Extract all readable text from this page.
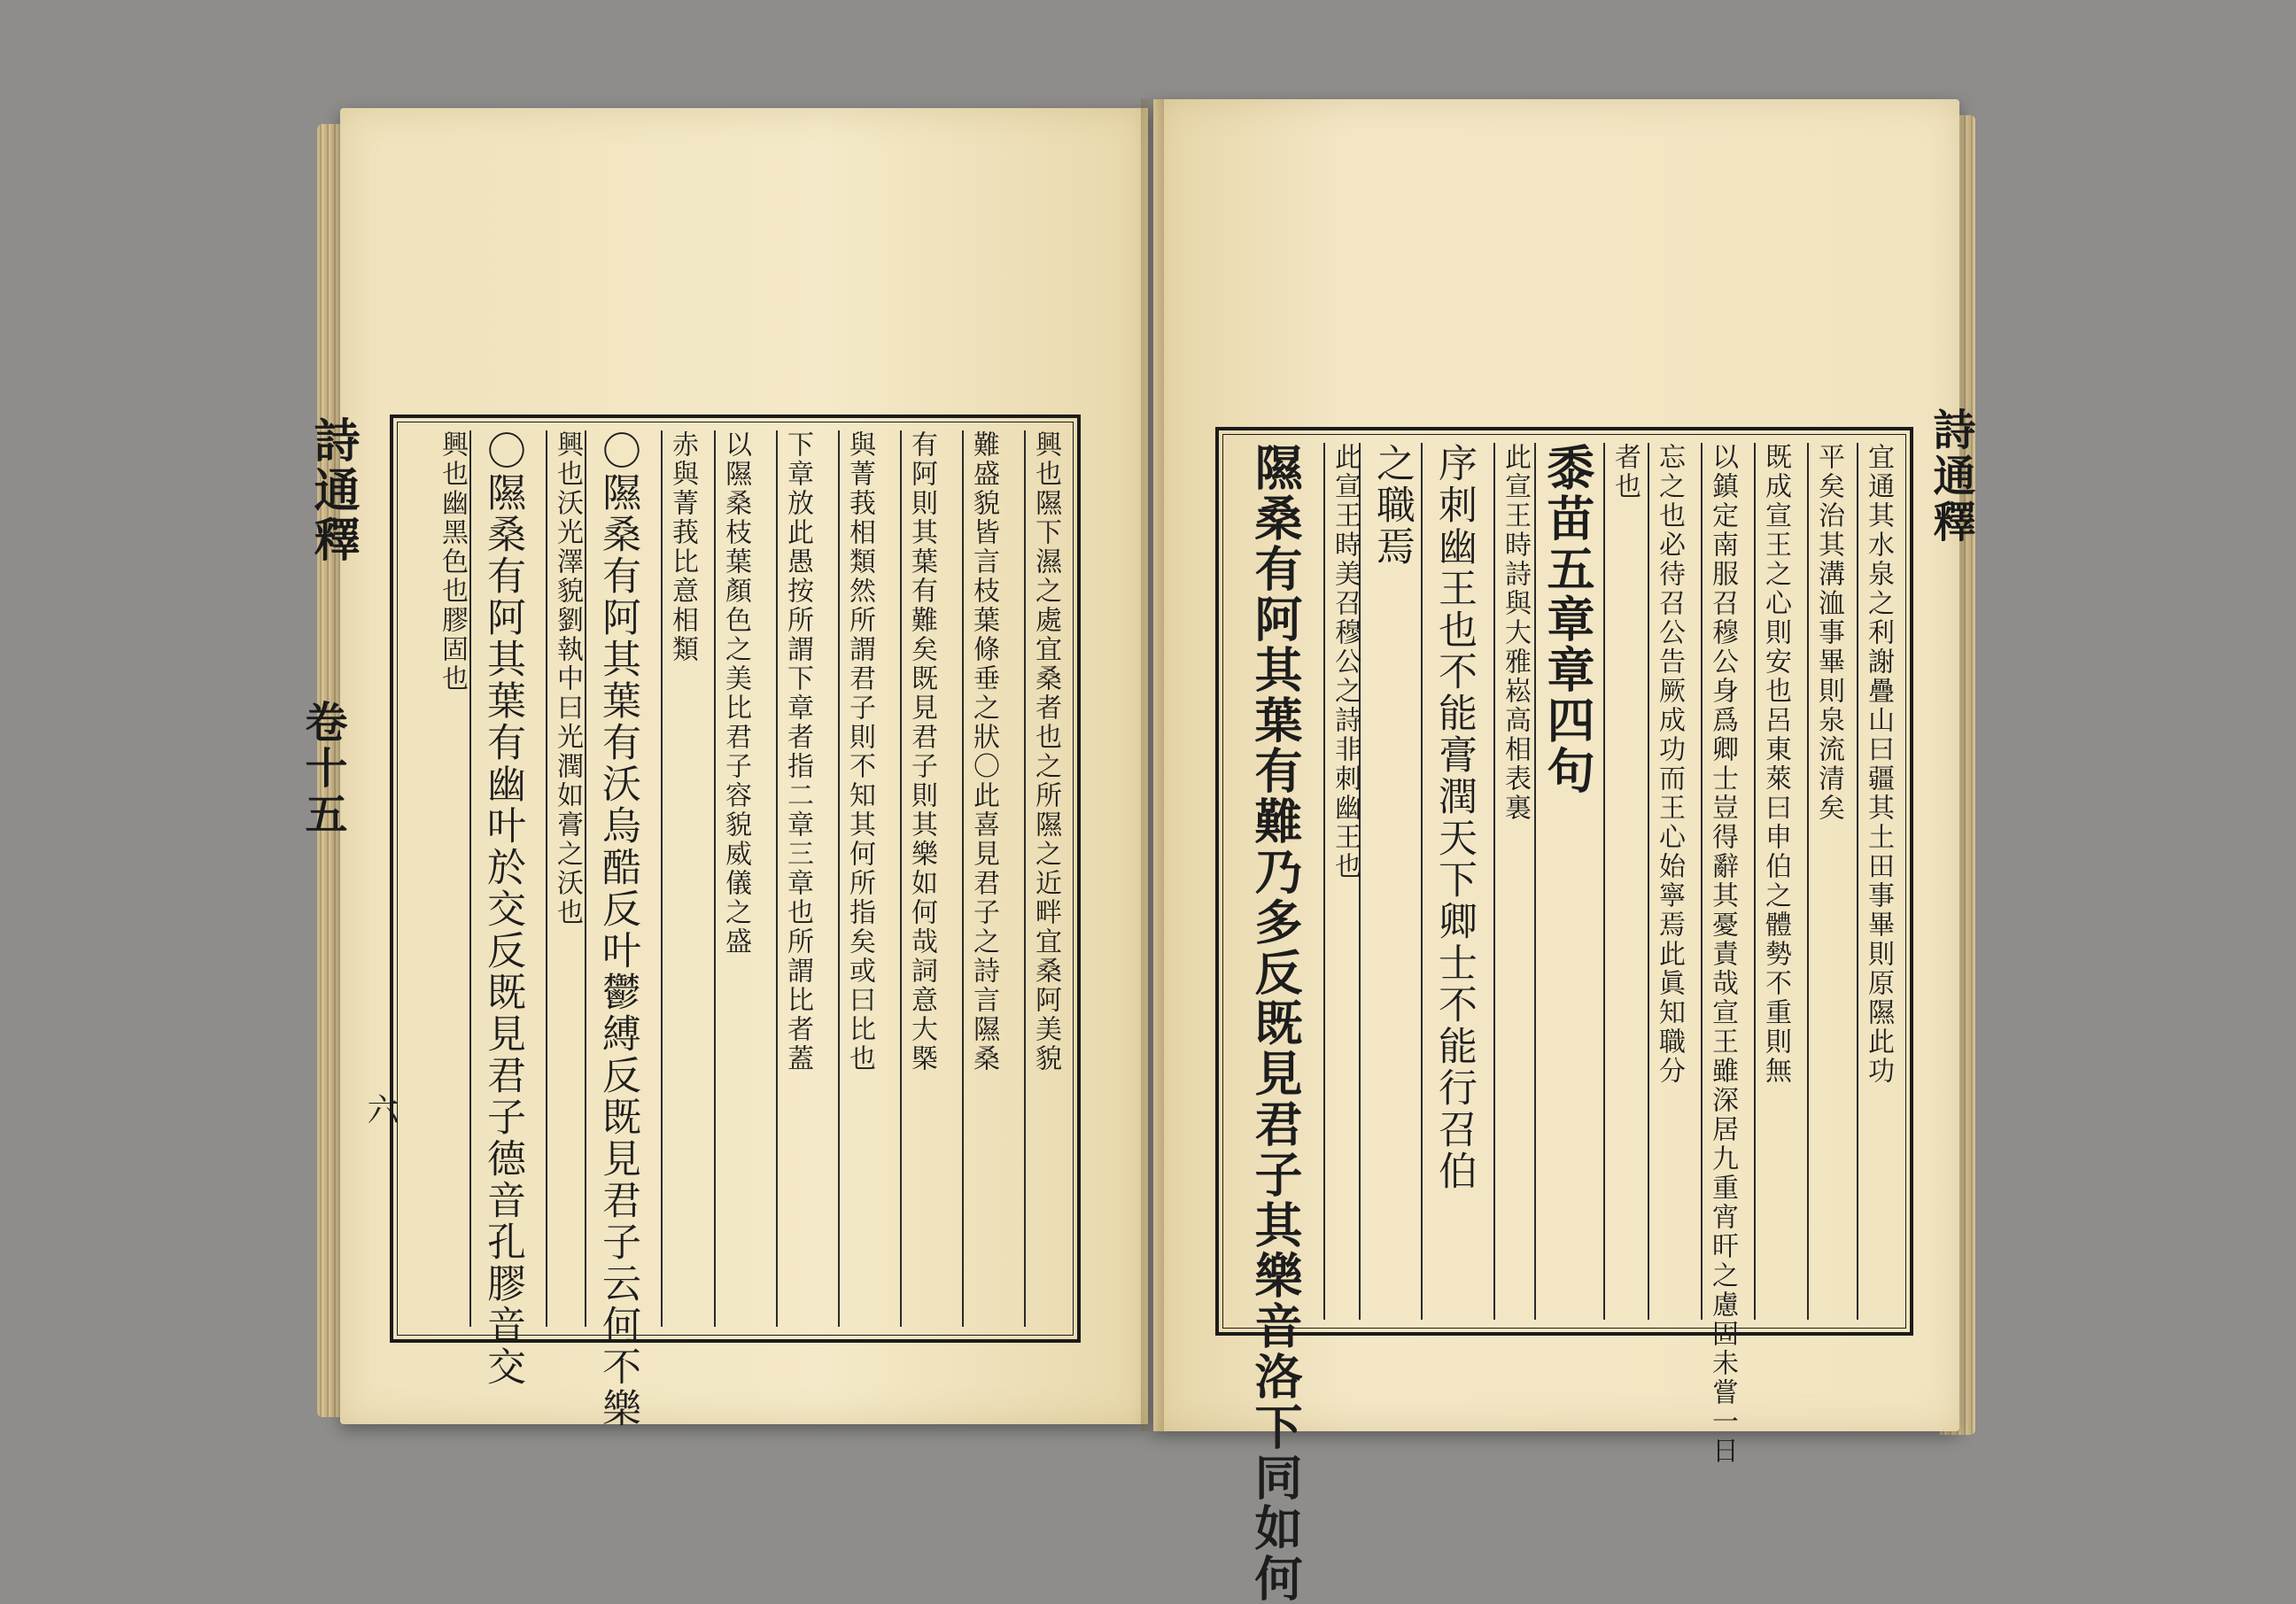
詩通釋
卷十五
詩通釋
六
興也隰下濕之處宜桑者也之所隰之近畔宜桑阿美貌
難盛貌皆言枝葉條垂之狀〇此喜見君子之詩言隰桑
有阿則其葉有難矣既見君子則其樂如何哉詞意大槩
與菁莪相類然所謂君子則不知其何所指矣或曰比也
下章放此愚按所謂下章者指二章三章也所謂比者蓋
以隰桑枝葉顏色之美比君子容貌威儀之盛
赤與菁莪比意相類
〇隰桑有阿其葉有沃烏酷反叶鬱縛反既見君子云何不樂
興也沃光澤貌劉執中曰光潤如膏之沃也
〇隰桑有阿其葉有幽叶於交反既見君子德音孔膠音交
興也幽黑色也膠固也	宜通其水泉之利謝疊山曰疆其土田事畢則原隰此功
平矣治其溝洫事畢則泉流清矣
既成宣王之心則安也呂東萊曰申伯之體勢不重則無
以鎮定南服召穆公身爲卿士豈得辭其憂責哉宣王雖深居九重宵旰之慮固未嘗一日
忘之也必待召公告厥成功而王心始寧焉此眞知職分
者也
黍苗五章章四句
此宣王時詩與大雅崧高相表裏
序刺幽王也不能膏潤天下卿士不能行召伯
之職焉
此宣王時美召穆公之詩非刺幽王也
隰桑有阿其葉有難乃多反既見君子其樂音洛下同如何
